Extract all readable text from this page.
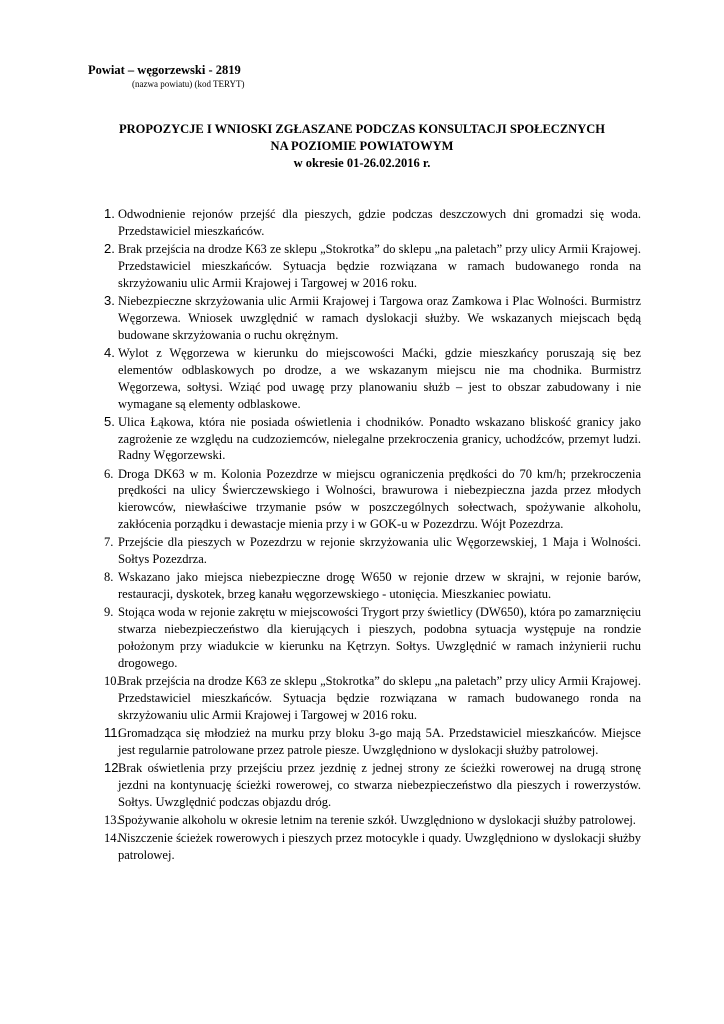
Powiat – węgorzewski - 2819
(nazwa powiatu) (kod TERYT)
PROPOZYCJE I WNIOSKI ZGŁASZANE PODCZAS KONSULTACJI SPOŁECZNYCH
NA POZIOMIE POWIATOWYM
w okresie 01-26.02.2016 r.
1. Odwodnienie rejonów przejść dla pieszych, gdzie podczas deszczowych dni gromadzi się woda. Przedstawiciel mieszkańców.
2. Brak przejścia na drodze K63 ze sklepu „Stokrotka” do sklepu „na paletach” przy ulicy Armii Krajowej. Przedstawiciel mieszkańców. Sytuacja będzie rozwiązana w ramach budowanego ronda na skrzyżowaniu ulic Armii Krajowej i Targowej w 2016 roku.
3. Niebezpieczne skrzyżowania ulic Armii Krajowej i Targowa oraz Zamkowa i Plac Wolności. Burmistrz Węgorzewa. Wniosek uwzględnić w ramach dyslokacji służby. We wskazanych miejscach będą budowane skrzyżowania o ruchu okrężnym.
4. Wylot z Węgorzewa w kierunku do miejscowości Maćki, gdzie mieszkańcy poruszają się bez elementów odblaskowych po drodze, a we wskazanym miejscu nie ma chodnika. Burmistrz Węgorzewa, sołtysi. Wziąć pod uwagę przy planowaniu służb – jest to obszar zabudowany i nie wymagane są elementy odblaskowe.
5. Ulica Łąkowa, która nie posiada oświetlenia i chodników. Ponadto wskazano bliskość granicy jako zagrożenie ze względu na cudzoziemców, nielegalne przekroczenia granicy, uchodźców, przemyt ludzi. Radny Węgorzewski.
6. Droga DK63 w m. Kolonia Pozezdrze w miejscu ograniczenia prędkości do 70 km/h; przekroczenia prędkości na ulicy Świerczewskiego i Wolności, brawurowa i niebezpieczna jazda przez młodych kierowców, niewłaściwe trzymanie psów w poszczególnych sołectwach, spożywanie alkoholu, zakłócenia porządku i dewastacje mienia przy i w GOK-u w Pozezdrzu. Wójt Pozezdrza.
7. Przejście dla pieszych w Pozezdrzu w rejonie skrzyżowania ulic Węgorzewskiej, 1 Maja i Wolności. Sołtys Pozezdrza.
8. Wskazano jako miejsca niebezpieczne drogę W650 w rejonie drzew w skrajni, w rejonie barów, restauracji, dyskotek, brzeg kanału węgorzewskiego - utonięcia. Mieszkaniec powiatu.
9. Stojąca woda w rejonie zakrętu w miejscowości Trygort przy świetlicy (DW650), która po zamarznięciu stwarza niebezpieczeństwo dla kierujących i pieszych, podobna sytuacja występuje na rondzie położonym przy wiadukcie w kierunku na Kętrzyn. Sołtys. Uwzględnić w ramach inżynierii ruchu drogowego.
10.
Brak przejścia na drodze K63 ze sklepu „Stokrotka” do sklepu „na paletach” przy ulicy Armii Krajowej. Przedstawiciel mieszkańców. Sytuacja będzie rozwiązana w ramach budowanego ronda na skrzyżowaniu ulic Armii Krajowej i Targowej w 2016 roku.
11.
Gromadząca się młodzież na murku przy bloku 3-go mają 5A. Przedstawiciel mieszkańców. Miejsce jest regularnie patrolowane przez patrole piesze. Uwzględniono w dyslokacji służby patrolowej.
12.
Brak oświetlenia przy przejściu przez jezdnię z jednej strony ze ścieżki rowerowej na drugą stronę jezdni na kontynuację ścieżki rowerowej, co stwarza niebezpieczeństwo dla pieszych i rowerzystów. Sołtys. Uwzględnić podczas objazdu dróg.
13.
Spożywanie alkoholu w okresie letnim na terenie szkół. Uwzględniono w dyslokacji służby patrolowej.
14.
Niszczenie ścieżek rowerowych i pieszych przez motocykle i quady. Uwzględniono w dyslokacji służby patrolowej.
